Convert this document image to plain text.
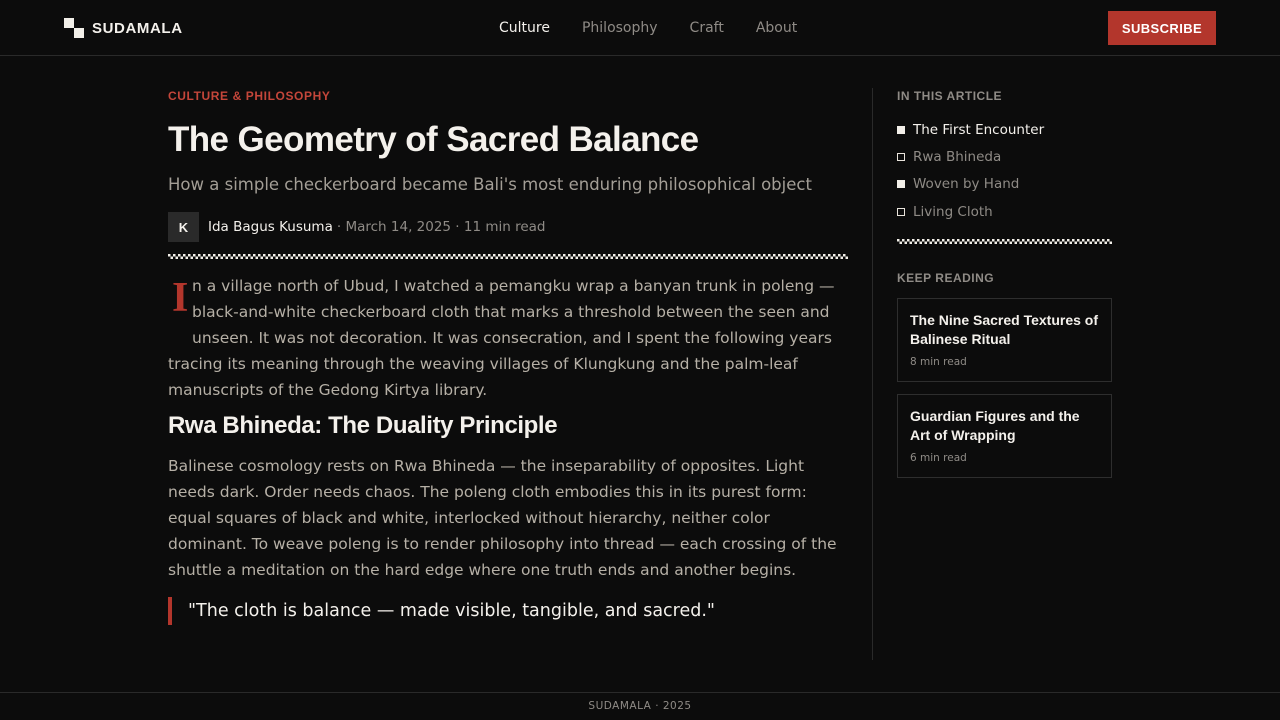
SUDAMALA	Culture Philosophy Craft About	SUBSCRIBE
CULTURE & PHILOSOPHY
The Geometry of Sacred Balance

How a simple checkerboard became Bali's most enduring philosophical object

K	Ida Bagus Kusuma · March 14, 2025 · 11 min read

I n a village north of Ubud, I watched a pemangku wrap a banyan trunk in poleng — black-and-white checkerboard cloth that marks a threshold between the seen and unseen. It was not decoration. It was consecration, and I spent the following years tracing its meaning through the weaving villages of Klungkung and the palm-leaf manuscripts of the Gedong Kirtya library.

Rwa Bhineda: The Duality Principle

Balinese cosmology rests on Rwa Bhineda — the inseparability of opposites. Light needs dark. Order needs chaos. The poleng cloth embodies this in its purest form: equal squares of black and white, interlocked without hierarchy, neither color dominant. To weave poleng is to render philosophy into thread — each crossing of the shuttle a meditation on the hard edge where one truth ends and another begins.

"The cloth is balance — made visible, tangible, and sacred."
IN THIS ARTICLE
The First Encounter
Rwa Bhineda
Woven by Hand
Living Cloth
KEEP READING
The Nine Sacred Textures of Balinese Ritual
8 min read
Guardian Figures and the Art of Wrapping
6 min read
SUDAMALA · 2025
